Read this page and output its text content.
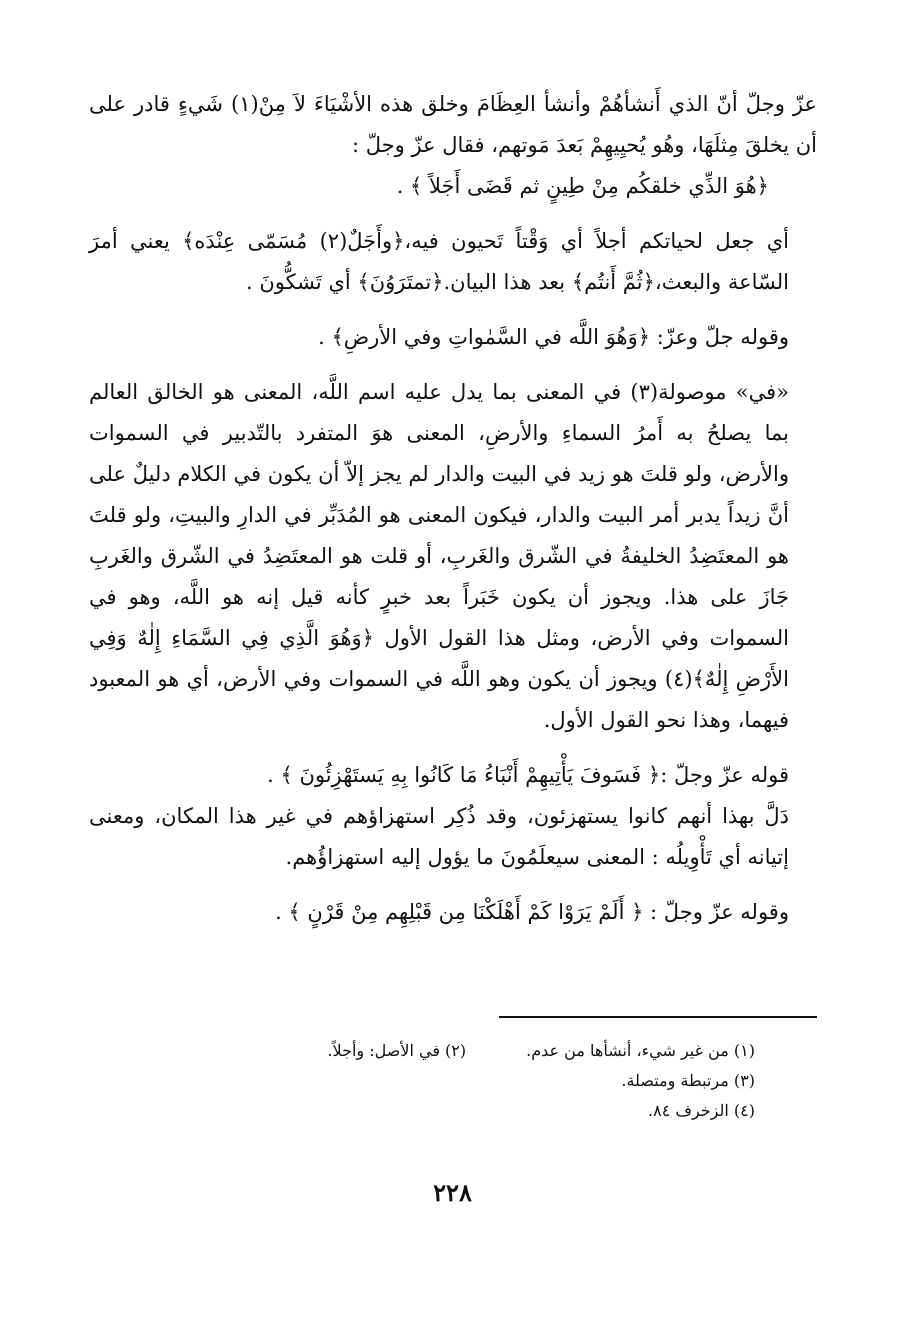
عزّ وجلّ أنّ الذي أَنشأهُمْ وأنشأ العِظَامَ وخلق هذه الأشْيَاءَ لاَ مِنْ(١) شَيءٍ قادر على أن يخلقَ مِثلَهَا، وهُو يُحيِيهِمْ بَعدَ مَوتهم، فقال عزّ وجلّ :

﴿هُوَ الذِّي خلقكُم مِنْ طِينٍ ثم قَضَى أَجَلاً ﴾ .

أي جعل لحياتكم أجلاً أي وَقْتاً تَحيون فيه،﴿وأَجَلٌ(٢) مُسَمّى عِنْدَه﴾ يعني أمرَ السّاعة والبعث،﴿ثُمَّ أَنتُم﴾ بعد هذا البيان.﴿تمتَرَوُنَ﴾ أي تَشكُّونَ .

وقوله جلّ وعزّ: ﴿وَهُوَ اللَّه في السَّمٰواتِ وفي الأرضِ﴾ .

«في» موصولة(٣) في المعنى بما يدل عليه اسم اللَّه، المعنى هو الخالق العالم بما يصلحُ به أَمرُ السماءِ والأرضِ، المعنى هوَ المتفرد بالتّدبير في السموات والأرض، ولو قلتَ هو زيد في البيت والدار لم يجز إلاّ أن يكون في الكلام دليلٌ على أنَّ زيداً يدبر أمر البيت والدار، فيكون المعنى هو المُدَبِّر في الدارِ والبيتِ، ولو قلتَ هو المعتَضِدُ الخليفةُ في الشّرق والغَربِ، أو قلت هو المعتَضِدُ في الشّرق والغَربِ جَازَ على هذا. ويجوز أن يكون خَبَراً بعد خبرٍ كأنه قيل إنه هو اللَّه، وهو في السموات وفي الأرض، ومثل هذا القول الأول ﴿وَهُوَ الَّذِي فِي السَّمَاءِ إِلٰهٌ وَفِي الأَرْضِ إِلٰهٌ﴾(٤) ويجوز أن يكون وهو اللَّه في السموات وفي الأرض، أي هو المعبود فيهما، وهذا نحو القول الأول.

قوله عزّ وجلّ :﴿ فَسَوفَ يَأْتِيهِمْ أَنْبَاءُ مَا كَانُوا بِهِ يَستَهْزِئُونَ ﴾ .

دَلَّ بهذا أنهم كانوا يستهزئون، وقد ذُكِر استهزاؤهم في غير هذا المكان، ومعنى إتيانه أي تَأْوِيلُه : المعنى سيعلَمُونَ ما يؤول إليه استهزاؤُهم.

وقوله عزّ وجلّ : ﴿ أَلَمْ يَرَوْا كَمْ أَهْلَكْنَا مِن قَبْلِهِم مِنْ قَرْنٍ ﴾ .

(١) من غير شيء، أنشأها من عدم.
(٢) في الأصل: وأجلاً.
(٣) مرتبطة ومتصلة.
(٤) الزخرف ٨٤.
٢٢٨
